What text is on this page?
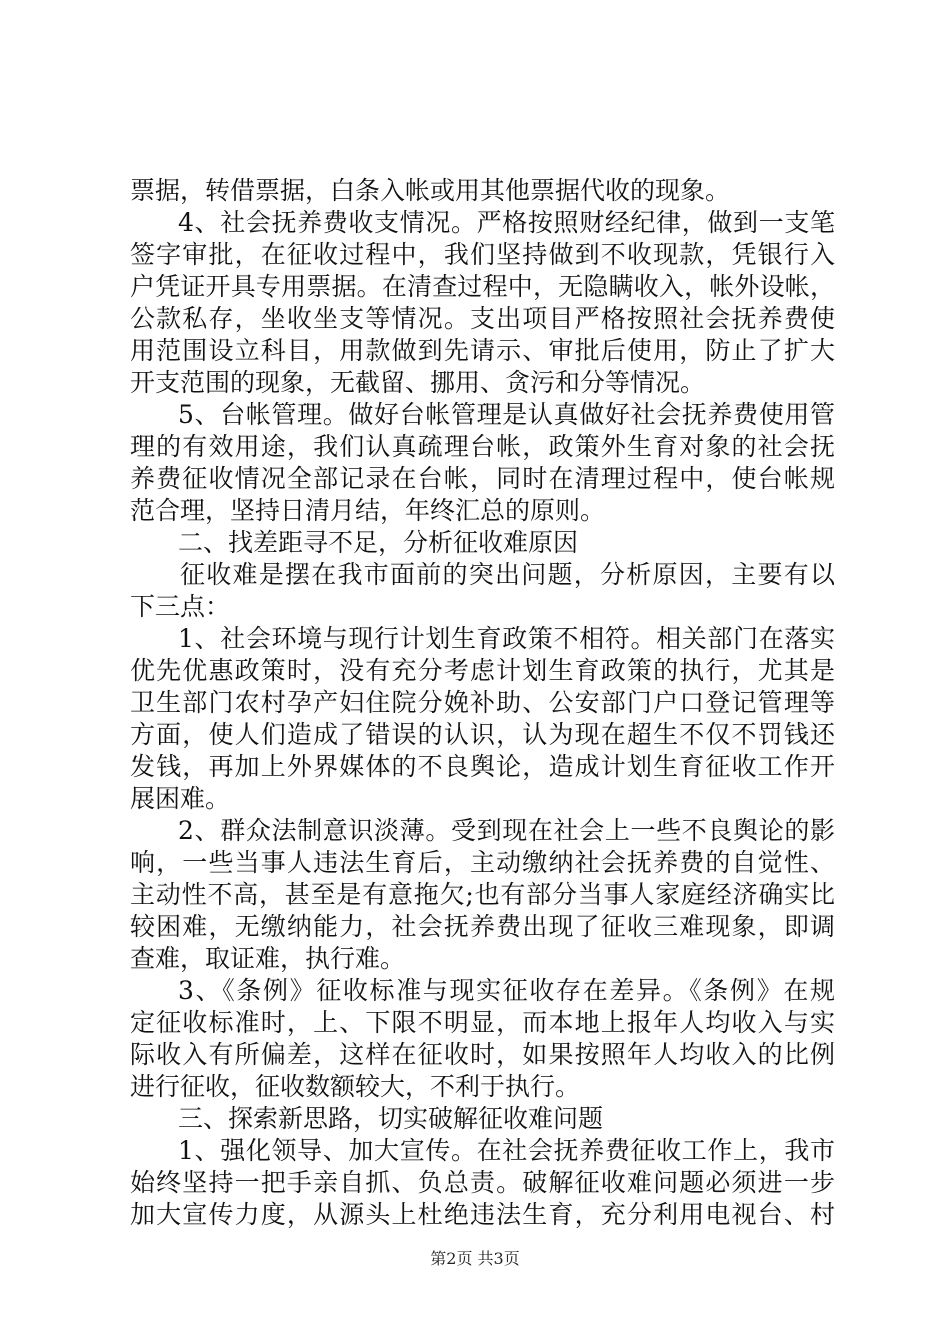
票据，转借票据，白条入帐或用其他票据代收的现象。
4、社会抚养费收支情况。严格按照财经纪律，做到一支笔
签字审批，在征收过程中，我们坚持做到不收现款，凭银行入
户凭证开具专用票据。在清查过程中，无隐瞒收入，帐外设帐，
公款私存，坐收坐支等情况。支出项目严格按照社会抚养费使
用范围设立科目，用款做到先请示、审批后使用，防止了扩大
开支范围的现象，无截留、挪用、贪污和分等情况。
5、台帐管理。做好台帐管理是认真做好社会抚养费使用管
理的有效用途，我们认真疏理台帐，政策外生育对象的社会抚
养费征收情况全部记录在台帐，同时在清理过程中，使台帐规
范合理，坚持日清月结，年终汇总的原则。
二、找差距寻不足，分析征收难原因
征收难是摆在我市面前的突出问题，分析原因，主要有以
下三点：
1、社会环境与现行计划生育政策不相符。相关部门在落实
优先优惠政策时，没有充分考虑计划生育政策的执行，尤其是
卫生部门农村孕产妇住院分娩补助、公安部门户口登记管理等
方面，使人们造成了错误的认识，认为现在超生不仅不罚钱还
发钱，再加上外界媒体的不良舆论，造成计划生育征收工作开
展困难。
2、群众法制意识淡薄。受到现在社会上一些不良舆论的影
响，一些当事人违法生育后，主动缴纳社会抚养费的自觉性、
主动性不高，甚至是有意拖欠;也有部分当事人家庭经济确实比
较困难，无缴纳能力，社会抚养费出现了征收三难现象，即调
查难，取证难，执行难。
3、《条例》征收标准与现实征收存在差异。《条例》在规
定征收标准时，上、下限不明显，而本地上报年人均收入与实
际收入有所偏差，这样在征收时，如果按照年人均收入的比例
进行征收，征收数额较大，不利于执行。
三、探索新思路，切实破解征收难问题
1、强化领导、加大宣传。在社会抚养费征收工作上，我市
始终坚持一把手亲自抓、负总责。破解征收难问题必须进一步
加大宣传力度，从源头上杜绝违法生育，充分利用电视台、村
第2页 共3页
